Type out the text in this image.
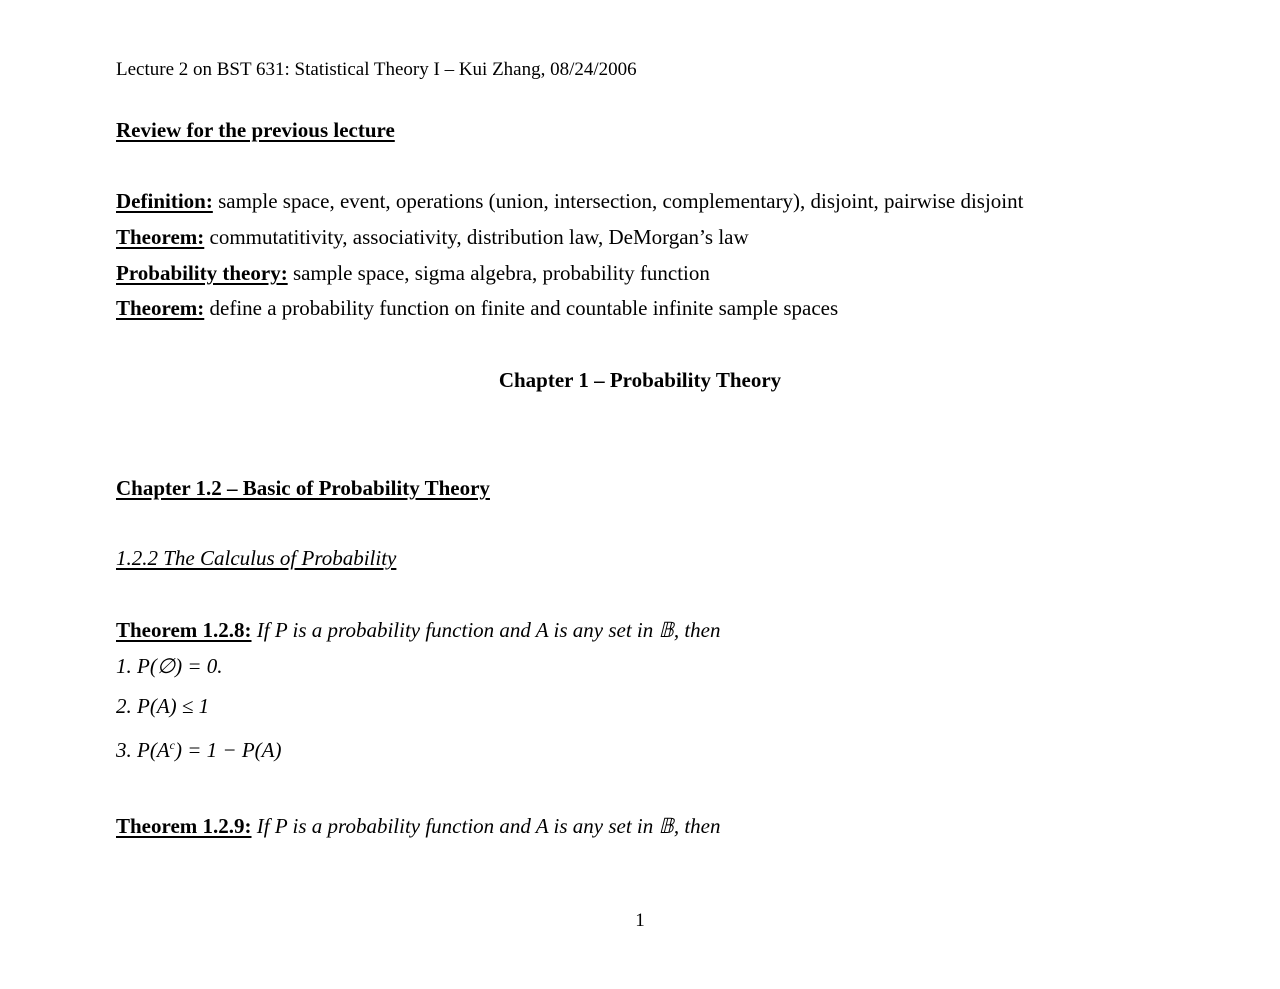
Lecture 2 on BST 631: Statistical Theory I – Kui Zhang, 08/24/2006
Review for the previous lecture
Definition: sample space, event, operations (union, intersection, complementary), disjoint, pairwise disjoint
Theorem: commutatitivity, associativity, distribution law, DeMorgan’s law
Probability theory: sample space, sigma algebra, probability function
Theorem: define a probability function on finite and countable infinite sample spaces
Chapter 1 – Probability Theory
Chapter 1.2 – Basic of Probability Theory
1.2.2 The Calculus of Probability
Theorem 1.2.8: If P is a probability function and A is any set in 𝔹, then
1. P(∅) = 0.
2. P(A) ≤ 1
3. $P(A^c) = 1 - P(A)$
Theorem 1.2.9: If P is a probability function and A is any set in 𝔹, then
1
